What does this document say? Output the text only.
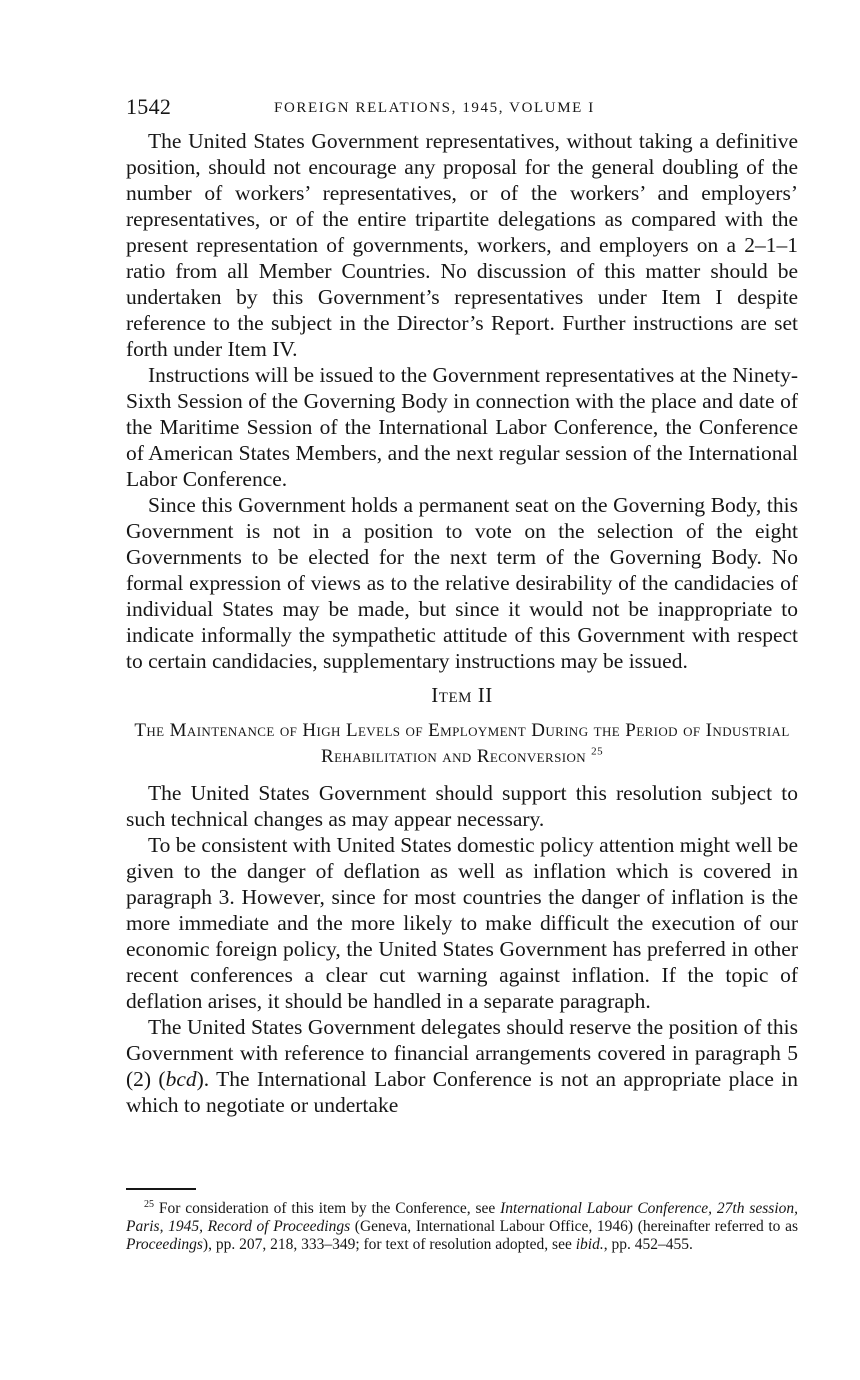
1542	FOREIGN RELATIONS, 1945, VOLUME I

The United States Government representatives, without taking a definitive position, should not encourage any proposal for the general doubling of the number of workers’ representatives, or of the workers’ and employers’ representatives, or of the entire tripartite delegations as compared with the present representation of governments, workers, and employers on a 2–1–1 ratio from all Member Countries. No discussion of this matter should be undertaken by this Government’s representatives under Item I despite reference to the subject in the Director’s Report. Further instructions are set forth under Item IV.

Instructions will be issued to the Government representatives at the Ninety-Sixth Session of the Governing Body in connection with the place and date of the Maritime Session of the International Labor Conference, the Conference of American States Members, and the next regular session of the International Labor Conference.

Since this Government holds a permanent seat on the Governing Body, this Government is not in a position to vote on the selection of the eight Governments to be elected for the next term of the Governing Body. No formal expression of views as to the relative desirability of the candidacies of individual States may be made, but since it would not be inappropriate to indicate informally the sympathetic attitude of this Government with respect to certain candidacies, supplementary instructions may be issued.

Item II
The Maintenance of High Levels of Employment During the Period of Industrial Rehabilitation and Reconversion $^{25}$

The United States Government should support this resolution subject to such technical changes as may appear necessary.

To be consistent with United States domestic policy attention might well be given to the danger of deflation as well as inflation which is covered in paragraph 3. However, since for most countries the danger of inflation is the more immediate and the more likely to make difficult the execution of our economic foreign policy, the United States Government has preferred in other recent conferences a clear cut warning against inflation. If the topic of deflation arises, it should be handled in a separate paragraph.

The United States Government delegates should reserve the position of this Government with reference to financial arrangements covered in paragraph 5 (2) (bcd). The International Labor Conference is not an appropriate place in which to negotiate or undertake

$^{25}$ For consideration of this item by the Conference, see International Labour Conference, 27th session, Paris, 1945, Record of Proceedings (Geneva, International Labour Office, 1946) (hereinafter referred to as Proceedings), pp. 207, 218, 333–349; for text of resolution adopted, see ibid., pp. 452–455.
